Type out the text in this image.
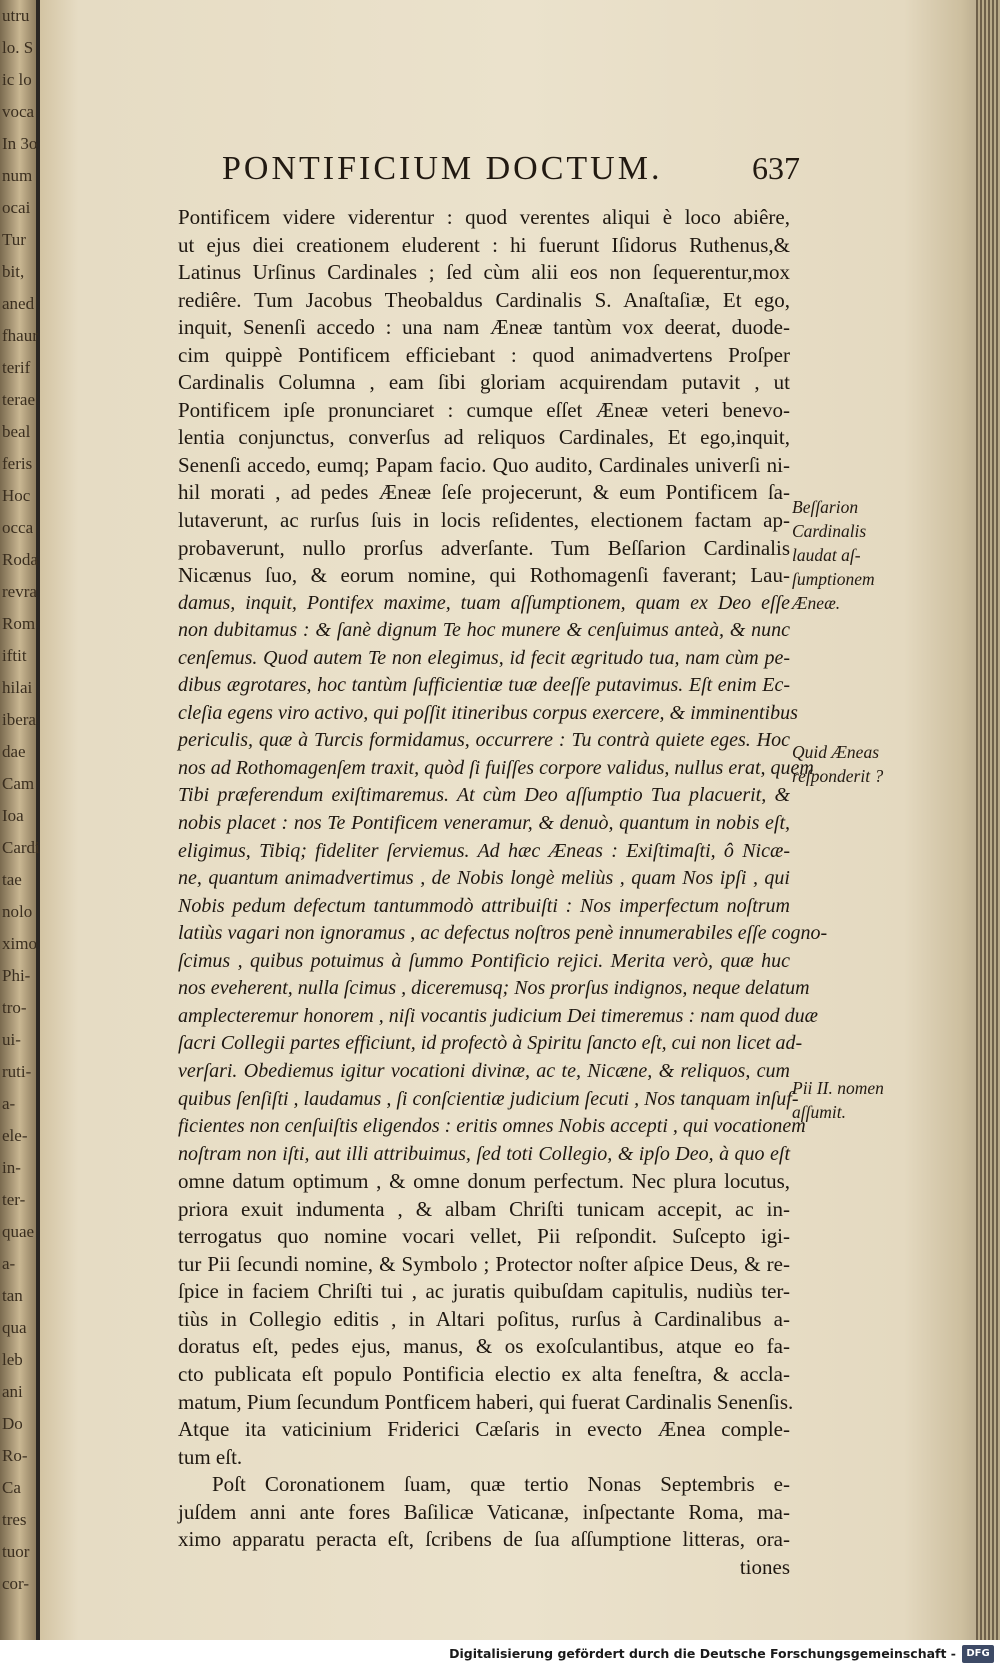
utru
lo. S
ic lo
voca
In 3o
num
ocai
Tur
bit,
aned
fhaur
terif
terae
beal
feris
Hoc
occa
Roda
revra
Rom
iftit
hilai
ibera
dae
Cam
Ioa
Cardi
tae
nolo
ximo
Phi-
tro-
ui-
ruti-
a-
ele-
in-
ter-
quae
a-
tan
qua
leb
ani
Do
Ro-
Ca
tres
tuor
cor-
PONTIFICIUM DOCTUM.	637
Pontificem videre viderentur : quod verentes aliqui è loco abiêre,
ut ejus diei creationem eluderent : hi fuerunt Iſidorus Ruthenus,&
Latinus Urſinus Cardinales ; ſed cùm alii eos non ſequerentur,mox
rediêre. Tum Jacobus Theobaldus Cardinalis S. Anaſtaſiæ, Et ego,
inquit, Senenſi accedo : una nam Æneæ tantùm vox deerat, duode-
cim quippè Pontificem efficiebant : quod animadvertens Proſper
Cardinalis Columna , eam ſibi gloriam acquirendam putavit , ut
Pontificem ipſe pronunciaret : cumque eſſet Æneæ veteri benevo-
lentia conjunctus, converſus ad reliquos Cardinales, Et ego,inquit,
Senenſi accedo, eumq; Papam facio. Quo audito, Cardinales univerſi ni-
hil morati , ad pedes Æneæ ſeſe projecerunt, & eum Pontificem ſa-
lutaverunt, ac rurſus ſuis in locis reſidentes, electionem factam ap-
probaverunt, nullo prorſus adverſante. Tum Beſſarion Cardinalis
Nicænus ſuo, & eorum nomine, qui Rothomagenſi faverant; Lau-
damus, inquit, Pontifex maxime, tuam aſſumptionem, quam ex Deo eſſe
non dubitamus : & ſanè dignum Te hoc munere & cenſuimus anteà, & nunc
cenſemus. Quod autem Te non elegimus, id fecit ægritudo tua, nam cùm pe-
dibus ægrotares, hoc tantùm ſufficientiæ tuæ deeſſe putavimus. Eſt enim Ec-
cleſia egens viro activo, qui poſſit itineribus corpus exercere, & imminentibus
periculis, quæ à Turcis formidamus, occurrere : Tu contrà quiete eges. Hoc
nos ad Rothomagenſem traxit, quòd ſi fuiſſes corpore validus, nullus erat, quem
Tibi præferendum exiſtimaremus. At cùm Deo aſſumptio Tua placuerit, &
nobis placet : nos Te Pontificem veneramur, & denuò, quantum in nobis eſt,
eligimus, Tibiq; fideliter ſerviemus. Ad hæc Æneas : Exiſtimaſti, ô Nicæ-
ne, quantum animadvertimus , de Nobis longè meliùs , quam Nos ipſi , qui
Nobis pedum defectum tantummodò attribuiſti : Nos imperfectum noſtrum
latiùs vagari non ignoramus , ac defectus noſtros penè innumerabiles eſſe cogno-
ſcimus , quibus potuimus à ſummo Pontificio rejici. Merita verò, quæ huc
nos eveherent, nulla ſcimus , diceremusq; Nos prorſus indignos, neque delatum
amplecteremur honorem , niſi vocantis judicium Dei timeremus : nam quod duæ
ſacri Collegii partes efficiunt, id profectò à Spiritu ſancto eſt, cui non licet ad-
verſari. Obediemus igitur vocationi divinæ, ac te, Nicæne, & reliquos, cum
quibus ſenſiſti , laudamus , ſi conſcientiæ judicium ſecuti , Nos tanquam inſuf-
ficientes non cenſuiſtis eligendos : eritis omnes Nobis accepti , qui vocationem
noſtram non iſti, aut illi attribuimus, ſed toti Collegio, & ipſo Deo, à quo eſt
omne datum optimum , & omne donum perfectum. Nec plura locutus,
priora exuit indumenta , & albam Chriſti tunicam accepit, ac in-
terrogatus quo nomine vocari vellet, Pii reſpondit. Suſcepto igi-
tur Pii ſecundi nomine, & Symbolo ; Protector noſter aſpice Deus, & re-
ſpice in faciem Chriſti tui , ac juratis quibuſdam capitulis, nudiùs ter-
tiùs in Collegio editis , in Altari poſitus, rurſus à Cardinalibus a-
doratus eſt, pedes ejus, manus, & os exoſculantibus, atque eo fa-
cto publicata eſt populo Pontificia electio ex alta feneſtra, & accla-
matum, Pium ſecundum Pontficem haberi, qui fuerat Cardinalis Senenſis.
Atque ita vaticinium Friderici Cæſaris in evecto Ænea comple-
tum eſt.
Poſt Coronationem ſuam, quæ tertio Nonas Septembris e-
juſdem anni ante fores Baſilicæ Vaticanæ, inſpectante Roma, ma-
ximo apparatu peracta eſt, ſcribens de ſua aſſumptione litteras, ora-
tiones
Beſſarion
Cardinalis
laudat aſ-
ſumptionem
Æneæ.
Quid Æneas
reſponderit ?
Pii II. nomen
aſſumit.
Digitalisierung gefördert durch die Deutsche Forschungsgemeinschaft -	DFG
